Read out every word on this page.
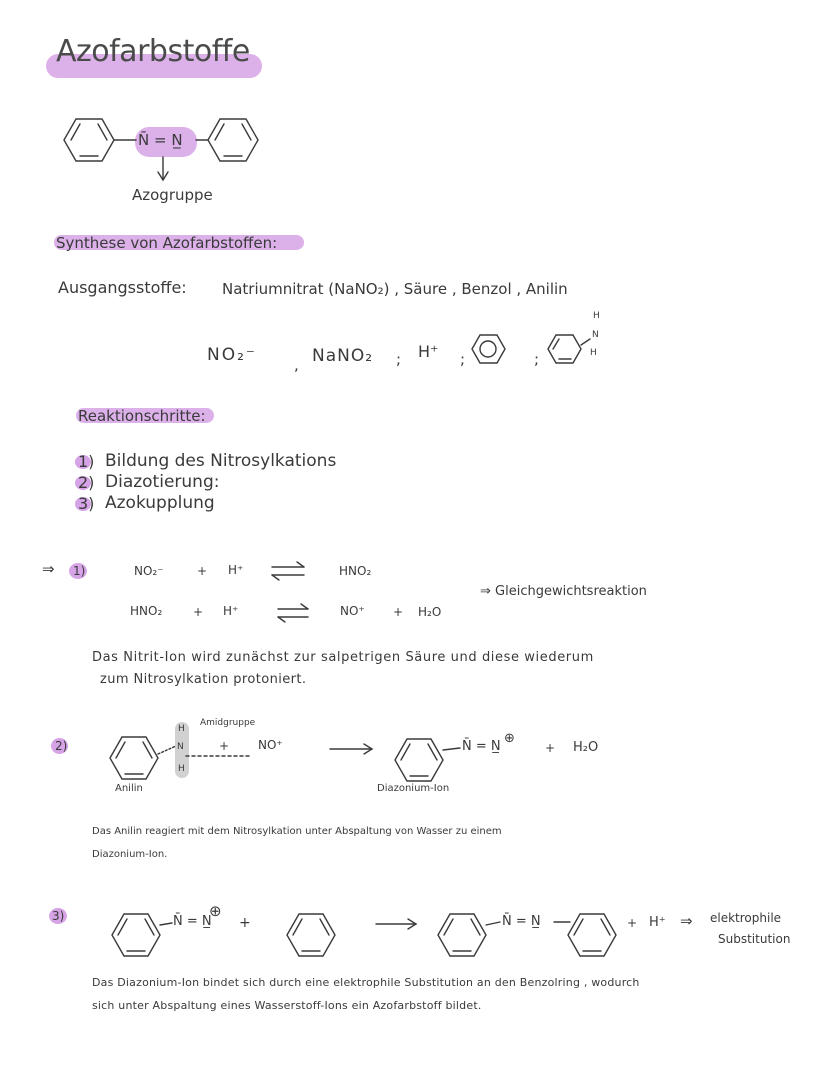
Azofarbstoffe
N̄ = N̲
Azogruppe
Synthese von Azofarbstoffen:
Ausgangsstoffe: Natriumnitrat (NaNO₂) , Säure , Benzol , Anilin
NO₂⁻ , NaNO₂ ; H⁺ ;	;
H
N
H
Reaktionschritte:
1) Bildung des Nitrosylkations
2) Diazotierung:
3) Azokupplung
⇒ 1)	NO₂⁻	+ H⁺	HNO₂
HNO₂	+ H⁺	NO⁺ + H₂O
⇒ Gleichgewichtsreaktion
Das Nitrit-Ion wird zunächst zur salpetrigen Säure und diese wiederum
zum Nitrosylkation protoniert.
2)
Amidgruppe
H
N
H
+ NO⁺	N̄ = N̲
⊕
+ H₂O
Anilin	Diazonium-Ion
Das Anilin reagiert mit dem Nitrosylkation unter Abspaltung von Wasser zu einem
Diazonium-Ion.
3)	N̄ = N̲
⊕
+	N̄ = N̲	+ H⁺ ⇒ elektrophile
Substitution
Das Diazonium-Ion bindet sich durch eine elektrophile Substitution an den Benzolring , wodurch
sich unter Abspaltung eines Wasserstoff-Ions ein Azofarbstoff bildet.
